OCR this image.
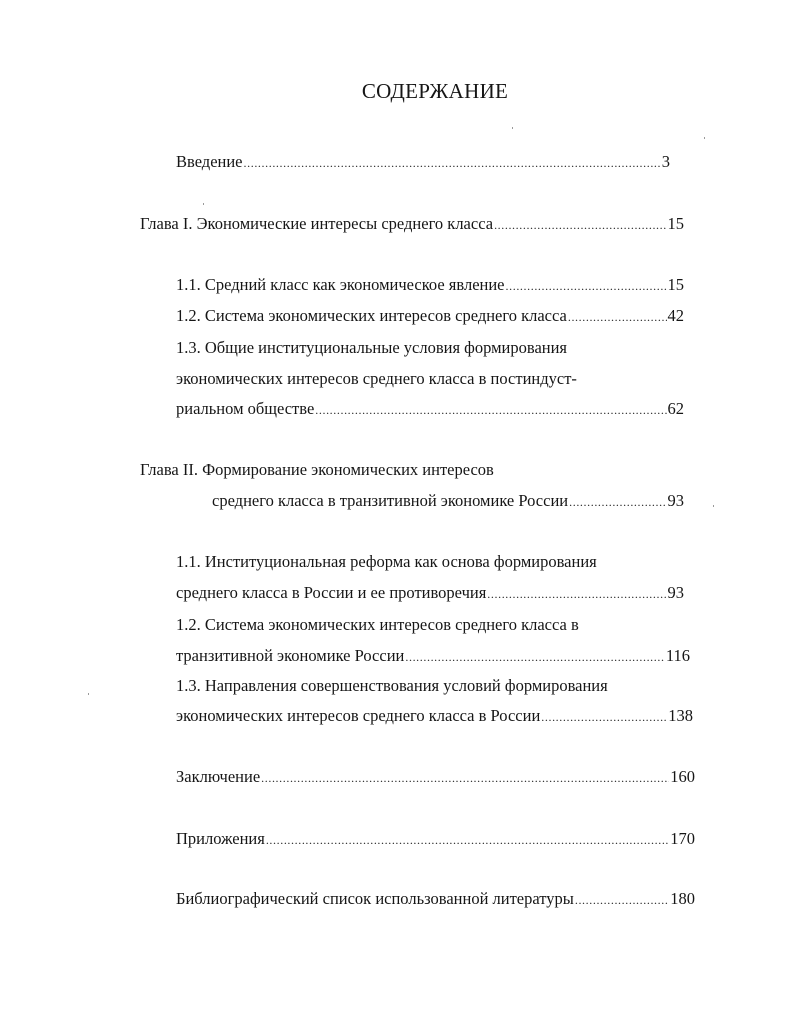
СОДЕРЖАНИЕ
Введение .....	3
Глава I. Экономические интересы среднего класса .....	15
1.1. Средний класс как экономическое явление .....	15
1.2. Система экономических интересов среднего класса .....	42
1.3. Общие институциональные условия формирования
экономических интересов среднего класса в постиндуст-
риальном обществе .....	62
Глава II. Формирование экономических интересов
среднего класса в транзитивной экономике России .....	93
1.1. Институциональная реформа как основа формирования
среднего класса в России и ее противоречия .....	93
1.2. Система экономических интересов среднего класса в
транзитивной экономике России .....	116
1.3. Направления совершенствования условий формирования
экономических интересов среднего класса в России .....	138
Заключение .....	160
Приложения .....	170
Библиографический список использованной литературы .....	180
